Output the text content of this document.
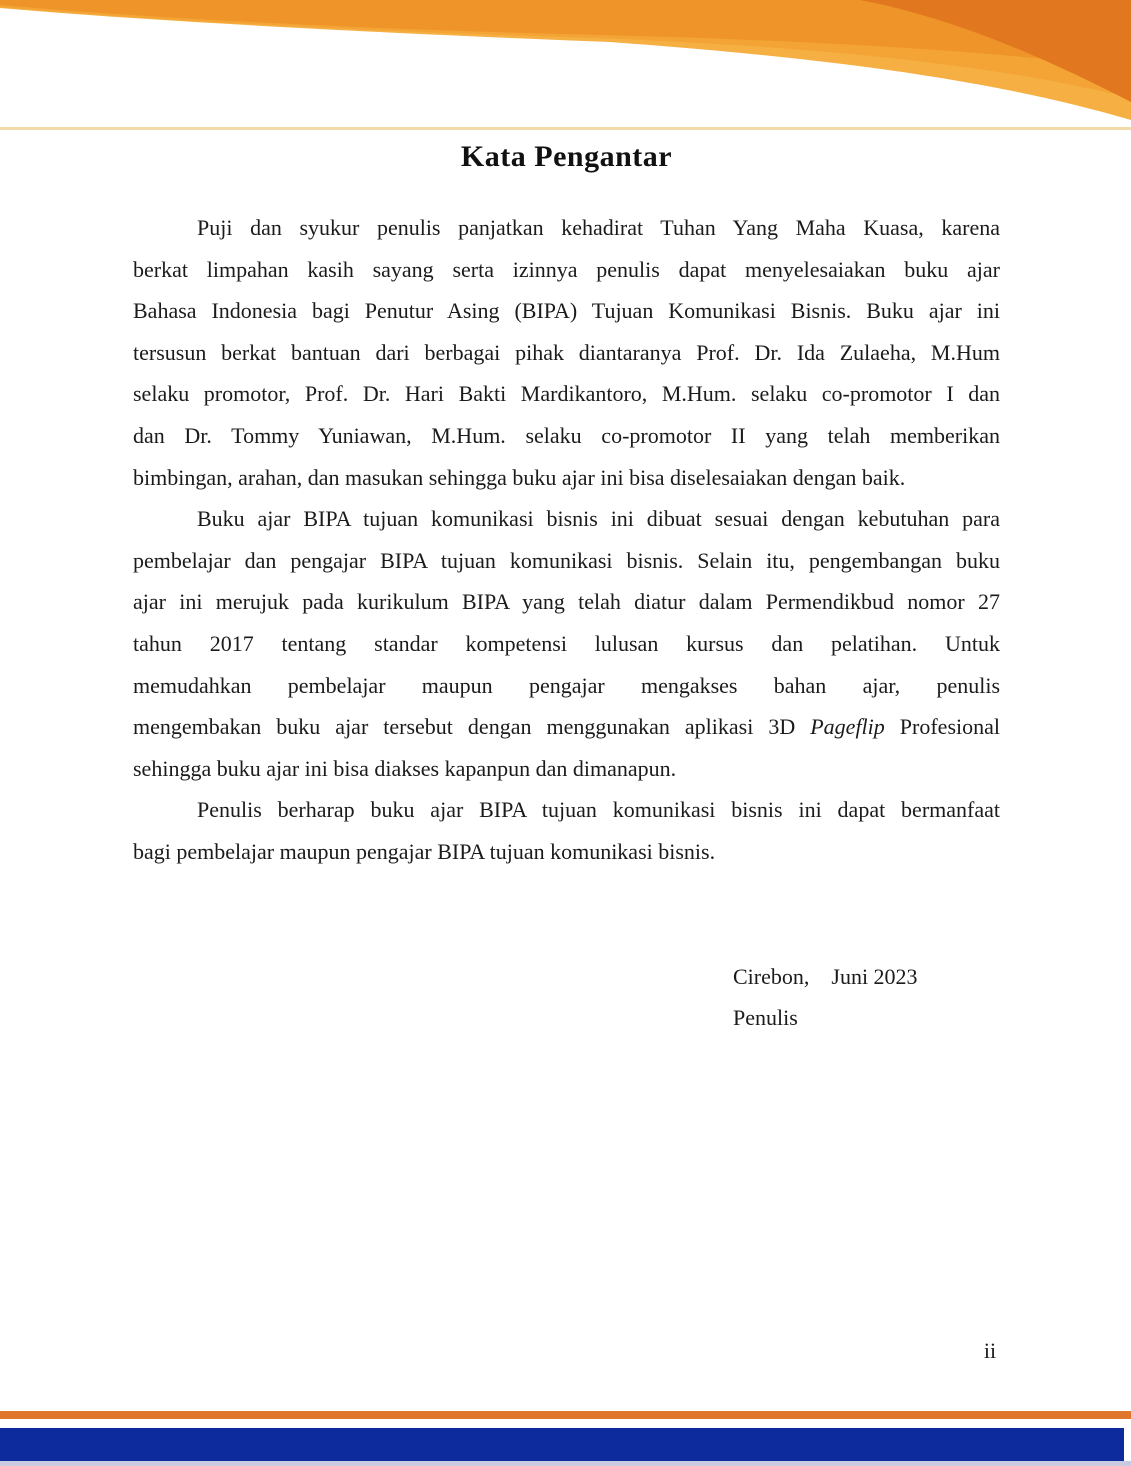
Kata Pengantar
Puji dan syukur penulis panjatkan kehadirat Tuhan Yang Maha Kuasa, karena
berkat limpahan kasih sayang serta izinnya penulis dapat menyelesaiakan buku ajar
Bahasa Indonesia bagi Penutur Asing (BIPA) Tujuan Komunikasi Bisnis. Buku ajar ini
tersusun berkat bantuan dari berbagai pihak diantaranya Prof. Dr. Ida Zulaeha, M.Hum
selaku promotor, Prof. Dr. Hari Bakti Mardikantoro, M.Hum. selaku co-promotor I dan
dan Dr. Tommy Yuniawan, M.Hum. selaku co-promotor II yang telah memberikan
bimbingan, arahan, dan masukan sehingga buku ajar ini bisa diselesaiakan dengan baik.
Buku ajar BIPA tujuan komunikasi bisnis ini dibuat sesuai dengan kebutuhan para
pembelajar dan pengajar BIPA tujuan komunikasi bisnis. Selain itu, pengembangan buku
ajar ini merujuk pada kurikulum BIPA yang telah diatur dalam Permendikbud nomor 27
tahun 2017 tentang standar kompetensi lulusan kursus dan pelatihan. Untuk
memudahkan pembelajar maupun pengajar mengakses bahan ajar, penulis
mengembakan buku ajar tersebut dengan menggunakan aplikasi 3D Pageflip Profesional
sehingga buku ajar ini bisa diakses kapanpun dan dimanapun.
Penulis berharap buku ajar BIPA tujuan komunikasi bisnis ini dapat bermanfaat
bagi pembelajar maupun pengajar BIPA tujuan komunikasi bisnis.
Cirebon,    Juni 2023
Penulis
ii
